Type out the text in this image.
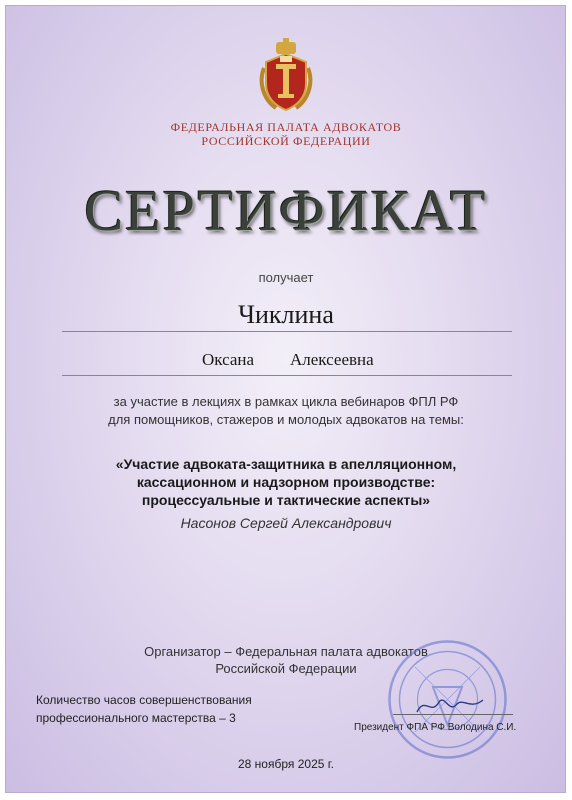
ФЕДЕРАЛЬНАЯ ПАЛАТА АДВОКАТОВ
РОССИЙСКОЙ ФЕДЕРАЦИИ
СЕРТИФИКАТ
получает
Чиклина
Оксана Алексеевна
за участие в лекциях в рамках цикла вебинаров ФПЛ РФ
для помощников, стажеров и молодых адвокатов на темы:
«Участие адвоката-защитника в апелляционном,
кассационном и надзорном производстве:
процессуальные и тактические аспекты»
Насонов Сергей Александрович
Организатор – Федеральная палата адвокатов
Российской Федерации
Количество часов совершенствования
профессионального мастерства – 3
Президент ФПА РФ Володина С.И.
28 ноября 2025 г.
